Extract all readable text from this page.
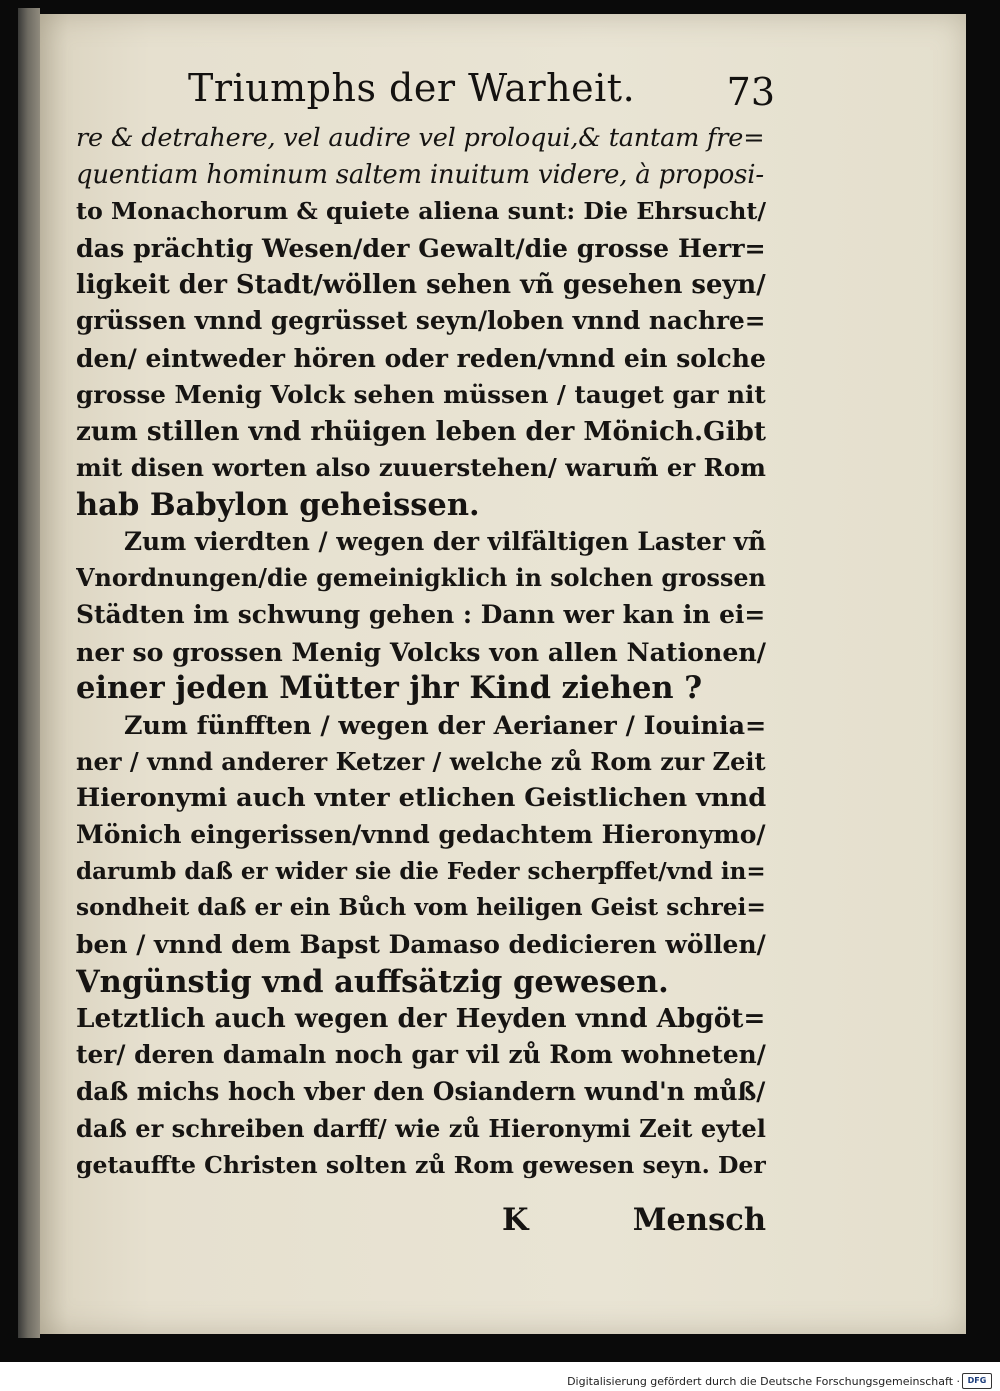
Triumphs der Warheit.	73
re & detrahere, vel audire vel proloqui,& tantam fre=
quentiam hominum saltem inuitum videre, à proposi-
to Monachorum & quiete aliena sunt: Die Ehrsucht/
das prächtig Wesen/der Gewalt/die grosse Herr=
ligkeit der Stadt/wöllen sehen vñ gesehen seyn/
grüssen vnnd gegrüsset seyn/loben vnnd nachre=
den/ eintweder hören oder reden/vnnd ein solche
grosse Menig Volck sehen müssen / tauget gar nit
zum stillen vnd rhüigen leben der Mönich.Gibt
mit disen worten also zuuerstehen/ warum̃ er Rom
hab Babylon geheissen.
Zum vierdten / wegen der vilfältigen Laster vñ
Vnordnungen/die gemeinigklich in solchen grossen
Städten im schwung gehen : Dann wer kan in ei=
ner so grossen Menig Volcks von allen Nationen/
einer jeden Mütter jhr Kind ziehen ?
Zum fünfften / wegen der Aerianer / Iouinia=
ner / vnnd anderer Ketzer / welche zů Rom zur Zeit
Hieronymi auch vnter etlichen Geistlichen vnnd
Mönich eingerissen/vnnd gedachtem Hieronymo/
darumb daß er wider sie die Feder scherpffet/vnd in=
sondheit daß er ein Bůch vom heiligen Geist schrei=
ben / vnnd dem Bapst Damaso dedicieren wöllen/
Vngünstig vnd auffsätzig gewesen.
Letztlich auch wegen der Heyden vnnd Abgöt=
ter/ deren damaln noch gar vil zů Rom wohneten/
daß michs hoch vber den Osiandern wund'n můß/
daß er schreiben darff/ wie zů Hieronymi Zeit eytel
getauffte Christen solten zů Rom gewesen seyn. Der
K	Mensch
Digitalisierung gefördert durch die Deutsche Forschungsgemeinschaft · DFG
